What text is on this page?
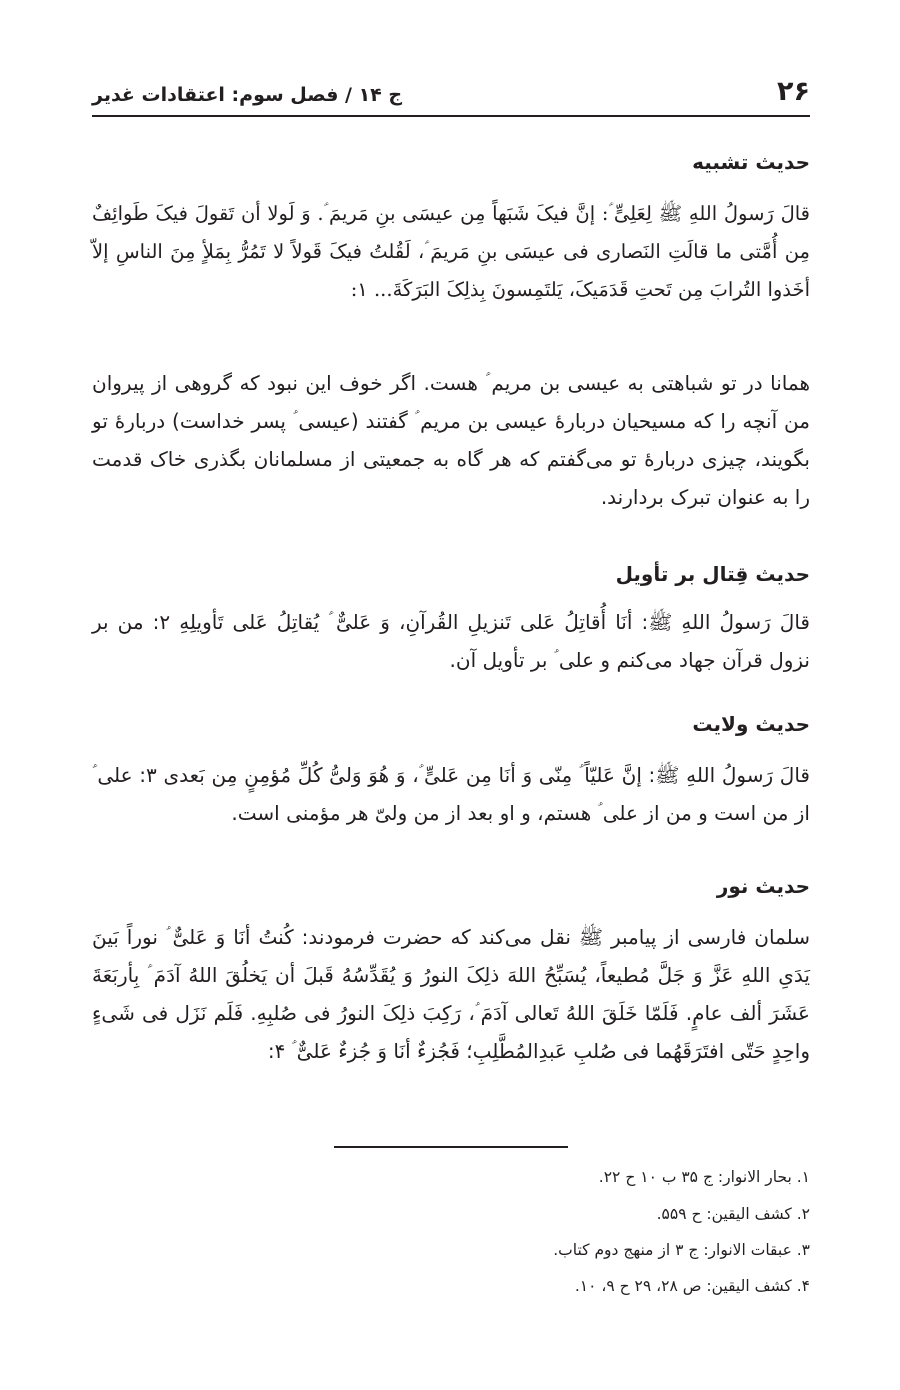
۲۶
ج ۱۴ / فصل سوم: اعتقادات غدیر
حدیث تشبیه

قالَ رَسولُ اللهِ ﷺ لِعَلِیٍّ ؑ: إنَّ فیکَ شَبَهاً مِن عیسَی بنِ مَریمَ ؑ. وَ لَولا أن تَقولَ فیکَ طَوائِفٌ مِن أُمَّتی ما قالَتِ النَصاری فی عیسَی بنِ مَریمَ ؑ، لَقُلتُ فیکَ قَولاً لا تَمُرُّ بِمَلأٍ مِنَ الناسِ إلاّ أخَذوا التُرابَ مِن تَحتِ قَدَمَیکَ، یَلتَمِسونَ بِذلِکَ البَرَکَةَ... ۱:

همانا در تو شباهتی به عیسی بن مریم ؑ هست. اگر خوف این نبود که گروهی از پیروان من آنچه را که مسیحیان دربارهٔ عیسی بن مریم ؑ گفتند (عیسی ؑ پسر خداست) دربارهٔ تو بگویند، چیزی دربارهٔ تو می‌گفتم که هر گاه به جمعیتی از مسلمانان بگذری خاک قدمت را به عنوان تبرک بردارند.

حدیث قِتال بر تأویل

قالَ رَسولُ اللهِ ﷺ: أنَا أُقاتِلُ عَلی تَنزیلِ القُرآنِ، وَ عَلیٌّ ؑ یُقاتِلُ عَلی تَأویلِهِ ۲: من بر نزول قرآن جهاد می‌کنم و علی ؑ بر تأویل آن.

حدیث ولایت

قالَ رَسولُ اللهِ ﷺ: إنَّ عَلیّاً ؑ مِنّی وَ أنَا مِن عَلیٍّ ؑ، وَ هُوَ وَلیُّ کُلِّ مُؤمِنٍ مِن بَعدی ۳: علی ؑ از من است و من از علی ؑ هستم، و او بعد از من ولیّ هر مؤمنی است.

حدیث نور

سلمان فارسی از پیامبر ﷺ نقل می‌کند که حضرت فرمودند: کُنتُ أنَا وَ عَلیٌّ ؑ نوراً بَینَ یَدَیِ اللهِ عَزَّ وَ جَلَّ مُطیعاً، یُسَبِّحُ اللهَ ذلِکَ النورُ وَ یُقَدِّسُهُ قَبلَ أن یَخلُقَ اللهُ آدَمَ ؑ بِأربَعَةَ عَشَرَ ألف عامٍ. فَلَمّا خَلَقَ اللهُ تَعالی آدَمَ ؑ، رَکِبَ ذلِکَ النورُ فی صُلبِهِ. فَلَم نَزَل فی شَیءٍ واحِدٍ حَتّی افتَرَقَهُما فی صُلبِ عَبدِالمُطَّلِبِ؛ فَجُزءٌ أنَا وَ جُزءٌ عَلیٌّ ؑ ۴:

۱. بحار الانوار: ج ۳۵ ب ۱۰ ح ۲۲.
۲. کشف الیقین: ح ۵۵۹.
۳. عبقات الانوار: ج ۳ از منهج دوم کتاب.
۴. کشف الیقین: ص ۲۸، ۲۹ ح ۹، ۱۰.
